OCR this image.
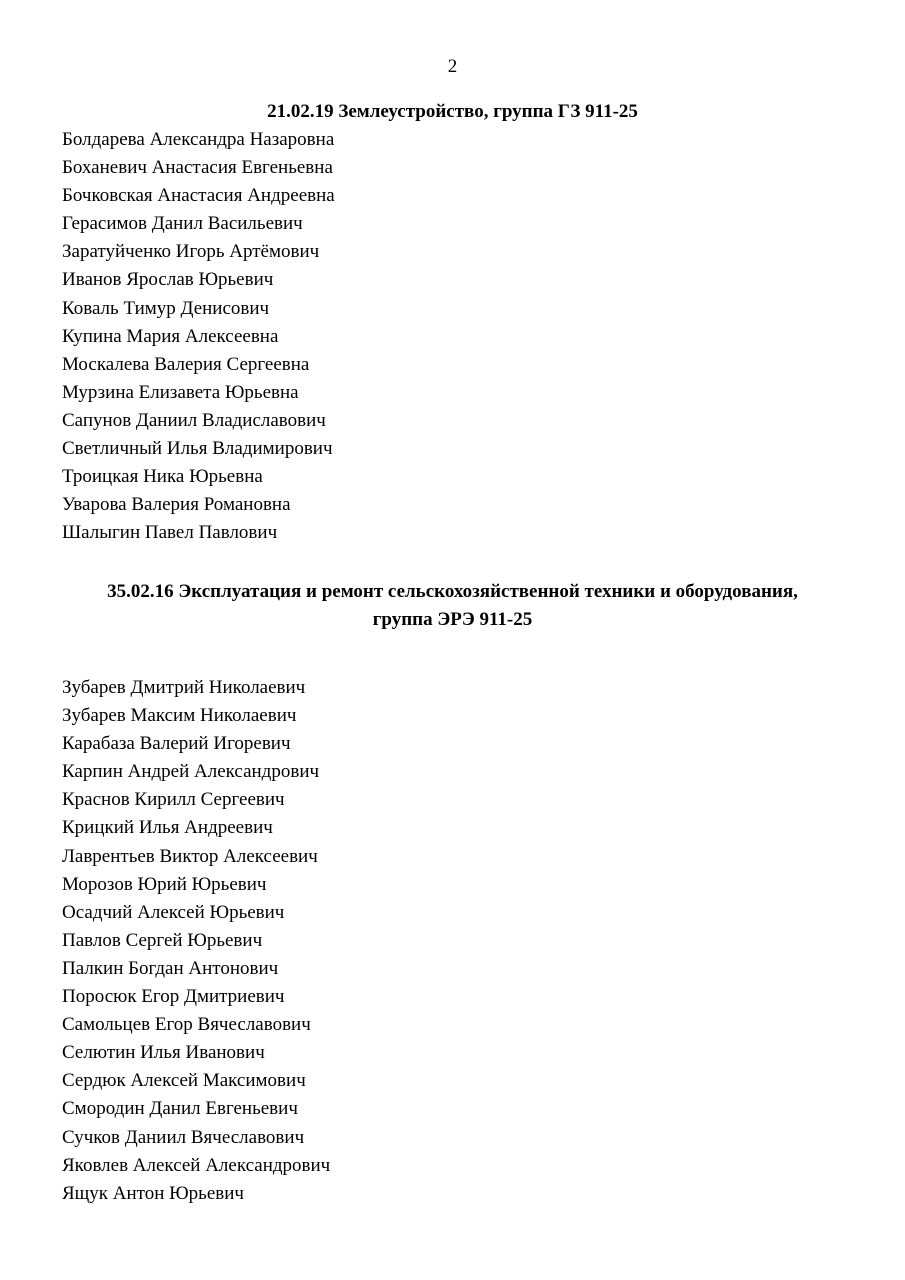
2
21.02.19 Землеустройство, группа ГЗ 911-25
Болдарева Александра Назаровна
Боханевич Анастасия Евгеньевна
Бочковская Анастасия Андреевна
Герасимов Данил Васильевич
Заратуйченко Игорь Артёмович
Иванов Ярослав Юрьевич
Коваль Тимур Денисович
Купина Мария Алексеевна
Москалева Валерия Сергеевна
Мурзина Елизавета Юрьевна
Сапунов Даниил Владиславович
Светличный Илья Владимирович
Троицкая Ника Юрьевна
Уварова Валерия Романовна
Шалыгин Павел Павлович
35.02.16 Эксплуатация и ремонт сельскохозяйственной техники и оборудования,
группа ЭРЭ 911-25
Зубарев Дмитрий Николаевич
Зубарев Максим Николаевич
Карабаза Валерий Игоревич
Карпин Андрей Александрович
Краснов Кирилл Сергеевич
Крицкий Илья Андреевич
Лаврентьев Виктор Алексеевич
Морозов Юрий Юрьевич
Осадчий Алексей Юрьевич
Павлов Сергей Юрьевич
Палкин Богдан Антонович
Поросюк Егор Дмитриевич
Самольцев Егор Вячеславович
Селютин Илья Иванович
Сердюк Алексей Максимович
Смородин Данил Евгеньевич
Сучков Даниил Вячеславович
Яковлев Алексей Александрович
Ящук Антон Юрьевич
